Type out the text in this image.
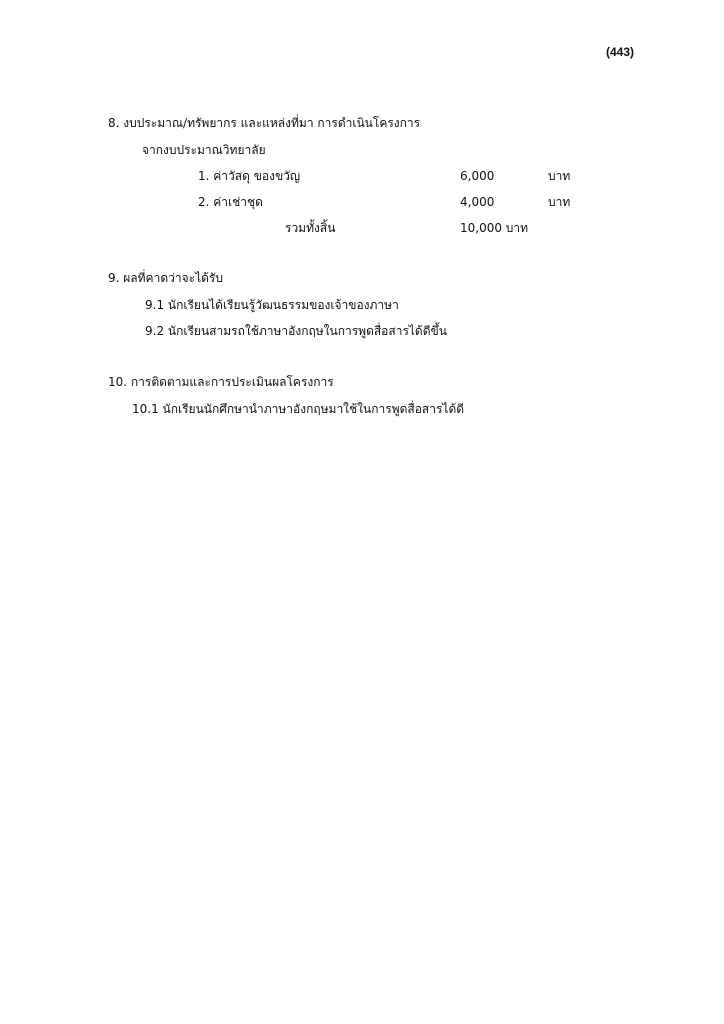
(443)
8. งบประมาณ/ทรัพยากร และแหล่งที่มา การดำเนินโครงการ
จากงบประมาณวิทยาลัย
1. ค่าวัสดุ ของขวัญ	6,000	บาท
2. ค่าเช่าชุด	4,000	บาท
รวมทั้งสิ้น	10,000 บาท
9. ผลที่คาดว่าจะได้รับ
9.1 นักเรียนได้เรียนรู้วัฒนธรรมของเจ้าของภาษา
9.2 นักเรียนสามรถใช้ภาษาอังกฤษในการพูดสื่อสารได้ดีขึ้น
10. การติดตามและการประเมินผลโครงการ
10.1 นักเรียนนักศึกษานำภาษาอังกฤษมาใช้ในการพูดสื่อสารได้ดี
